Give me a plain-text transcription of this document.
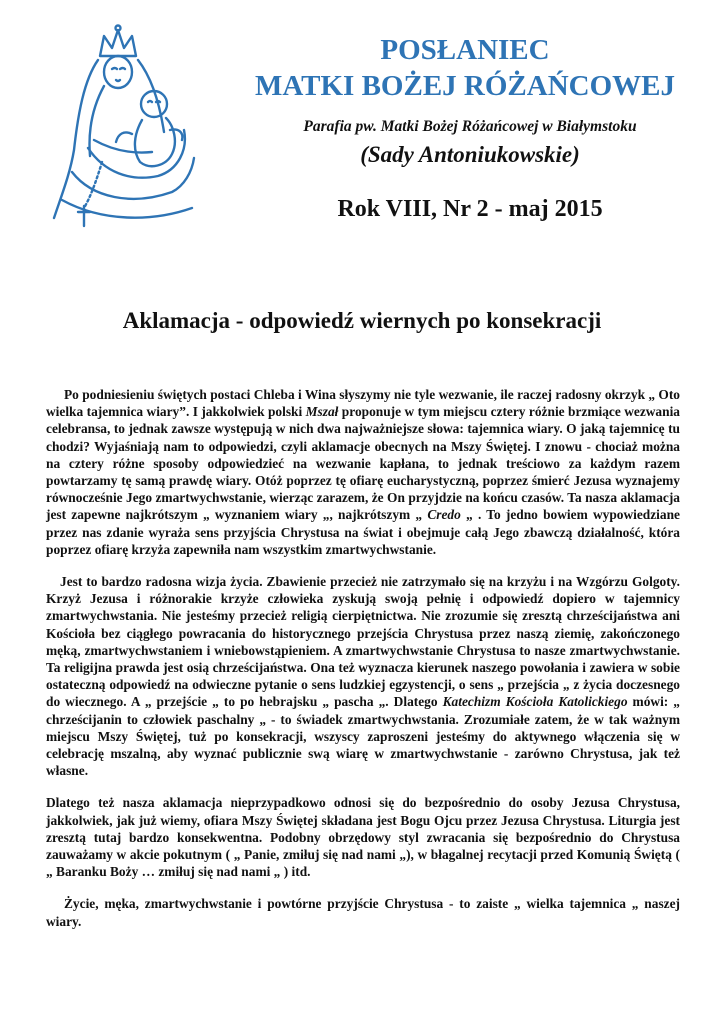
POSŁANIEC
MATKI BOŻEJ RÓŻAŃCOWEJ
Parafia pw. Matki Bożej Różańcowej w Białymstoku
(Sady Antoniukowskie)
Rok VIII, Nr 2 - maj 2015
Aklamacja - odpowiedź wiernych po konsekracji

Po podniesieniu świętych postaci Chleba i Wina słyszymy nie tyle wezwanie, ile raczej radosny okrzyk „ Oto wielka tajemnica wiary”. I jakkolwiek polski Mszał proponuje w tym miejscu cztery różnie brzmiące wezwania celebransa, to jednak zawsze występują w nich dwa najważniejsze słowa: tajemnica wiary. O jaką tajemnicę tu chodzi? Wyjaśniają nam to odpowiedzi, czyli aklamacje obecnych na Mszy Świętej. I znowu - chociaż można na cztery różne sposoby odpowiedzieć na wezwanie kapłana, to jednak treściowo za każdym razem powtarzamy tę samą prawdę wiary. Otóż poprzez tę ofiarę eucharystyczną, poprzez śmierć Jezusa wyznajemy równocześnie Jego zmartwychwstanie, wierząc zarazem, że On przyjdzie na końcu czasów. Ta nasza aklamacja jest zapewne najkrótszym „ wyznaniem wiary „, najkrótszym „ Credo „ . To jedno bowiem wypowiedziane przez nas zdanie wyraża sens przyjścia Chrystusa na świat i obejmuje całą Jego zbawczą działalność, która poprzez ofiarę krzyża zapewniła nam wszystkim zmartwychwstanie.

Jest to bardzo radosna wizja życia. Zbawienie przecież nie zatrzymało się na krzyżu i na Wzgórzu Golgoty. Krzyż Jezusa i różnorakie krzyże człowieka zyskują swoją pełnię i odpowiedź dopiero w tajemnicy zmartwychwstania. Nie jesteśmy przecież religią cierpiętnictwa. Nie zrozumie się zresztą chrześcijaństwa ani Kościoła bez ciągłego powracania do historycznego przejścia Chrystusa przez naszą ziemię, zakończonego męką, zmartwychwstaniem i wniebowstąpieniem. A zmartwychwstanie Chrystusa to nasze zmartwychwstanie. Ta religijna prawda jest osią chrześcijaństwa. Ona też wyznacza kierunek naszego powołania i zawiera w sobie ostateczną odpowiedź na odwieczne pytanie o sens ludzkiej egzystencji, o sens „ przejścia „ z życia doczesnego do wiecznego. A „ przejście „ to po hebrajsku „ pascha „. Dlatego Katechizm Kościoła Katolickiego mówi: „ chrześcijanin to człowiek paschalny „ - to świadek zmartwychwstania. Zrozumiałe zatem, że w tak ważnym miejscu Mszy Świętej, tuż po konsekracji, wszyscy zaproszeni jesteśmy do aktywnego włączenia się w celebrację mszalną, aby wyznać publicznie swą wiarę w zmartwychwstanie - zarówno Chrystusa, jak też własne.

Dlatego też nasza aklamacja nieprzypadkowo odnosi się do bezpośrednio do osoby Jezusa Chrystusa, jakkolwiek, jak już wiemy, ofiara Mszy Świętej składana jest Bogu Ojcu przez Jezusa Chrystusa. Liturgia jest zresztą tutaj bardzo konsekwentna. Podobny obrzędowy styl zwracania się bezpośrednio do Chrystusa zauważamy w akcie pokutnym ( „ Panie, zmiłuj się nad nami „), w błagalnej recytacji przed Komunią Świętą ( „ Baranku Boży … zmiłuj się nad nami „ ) itd.

Życie, męka, zmartwychwstanie i powtórne przyjście Chrystusa - to zaiste „ wielka tajemnica „ naszej wiary.
